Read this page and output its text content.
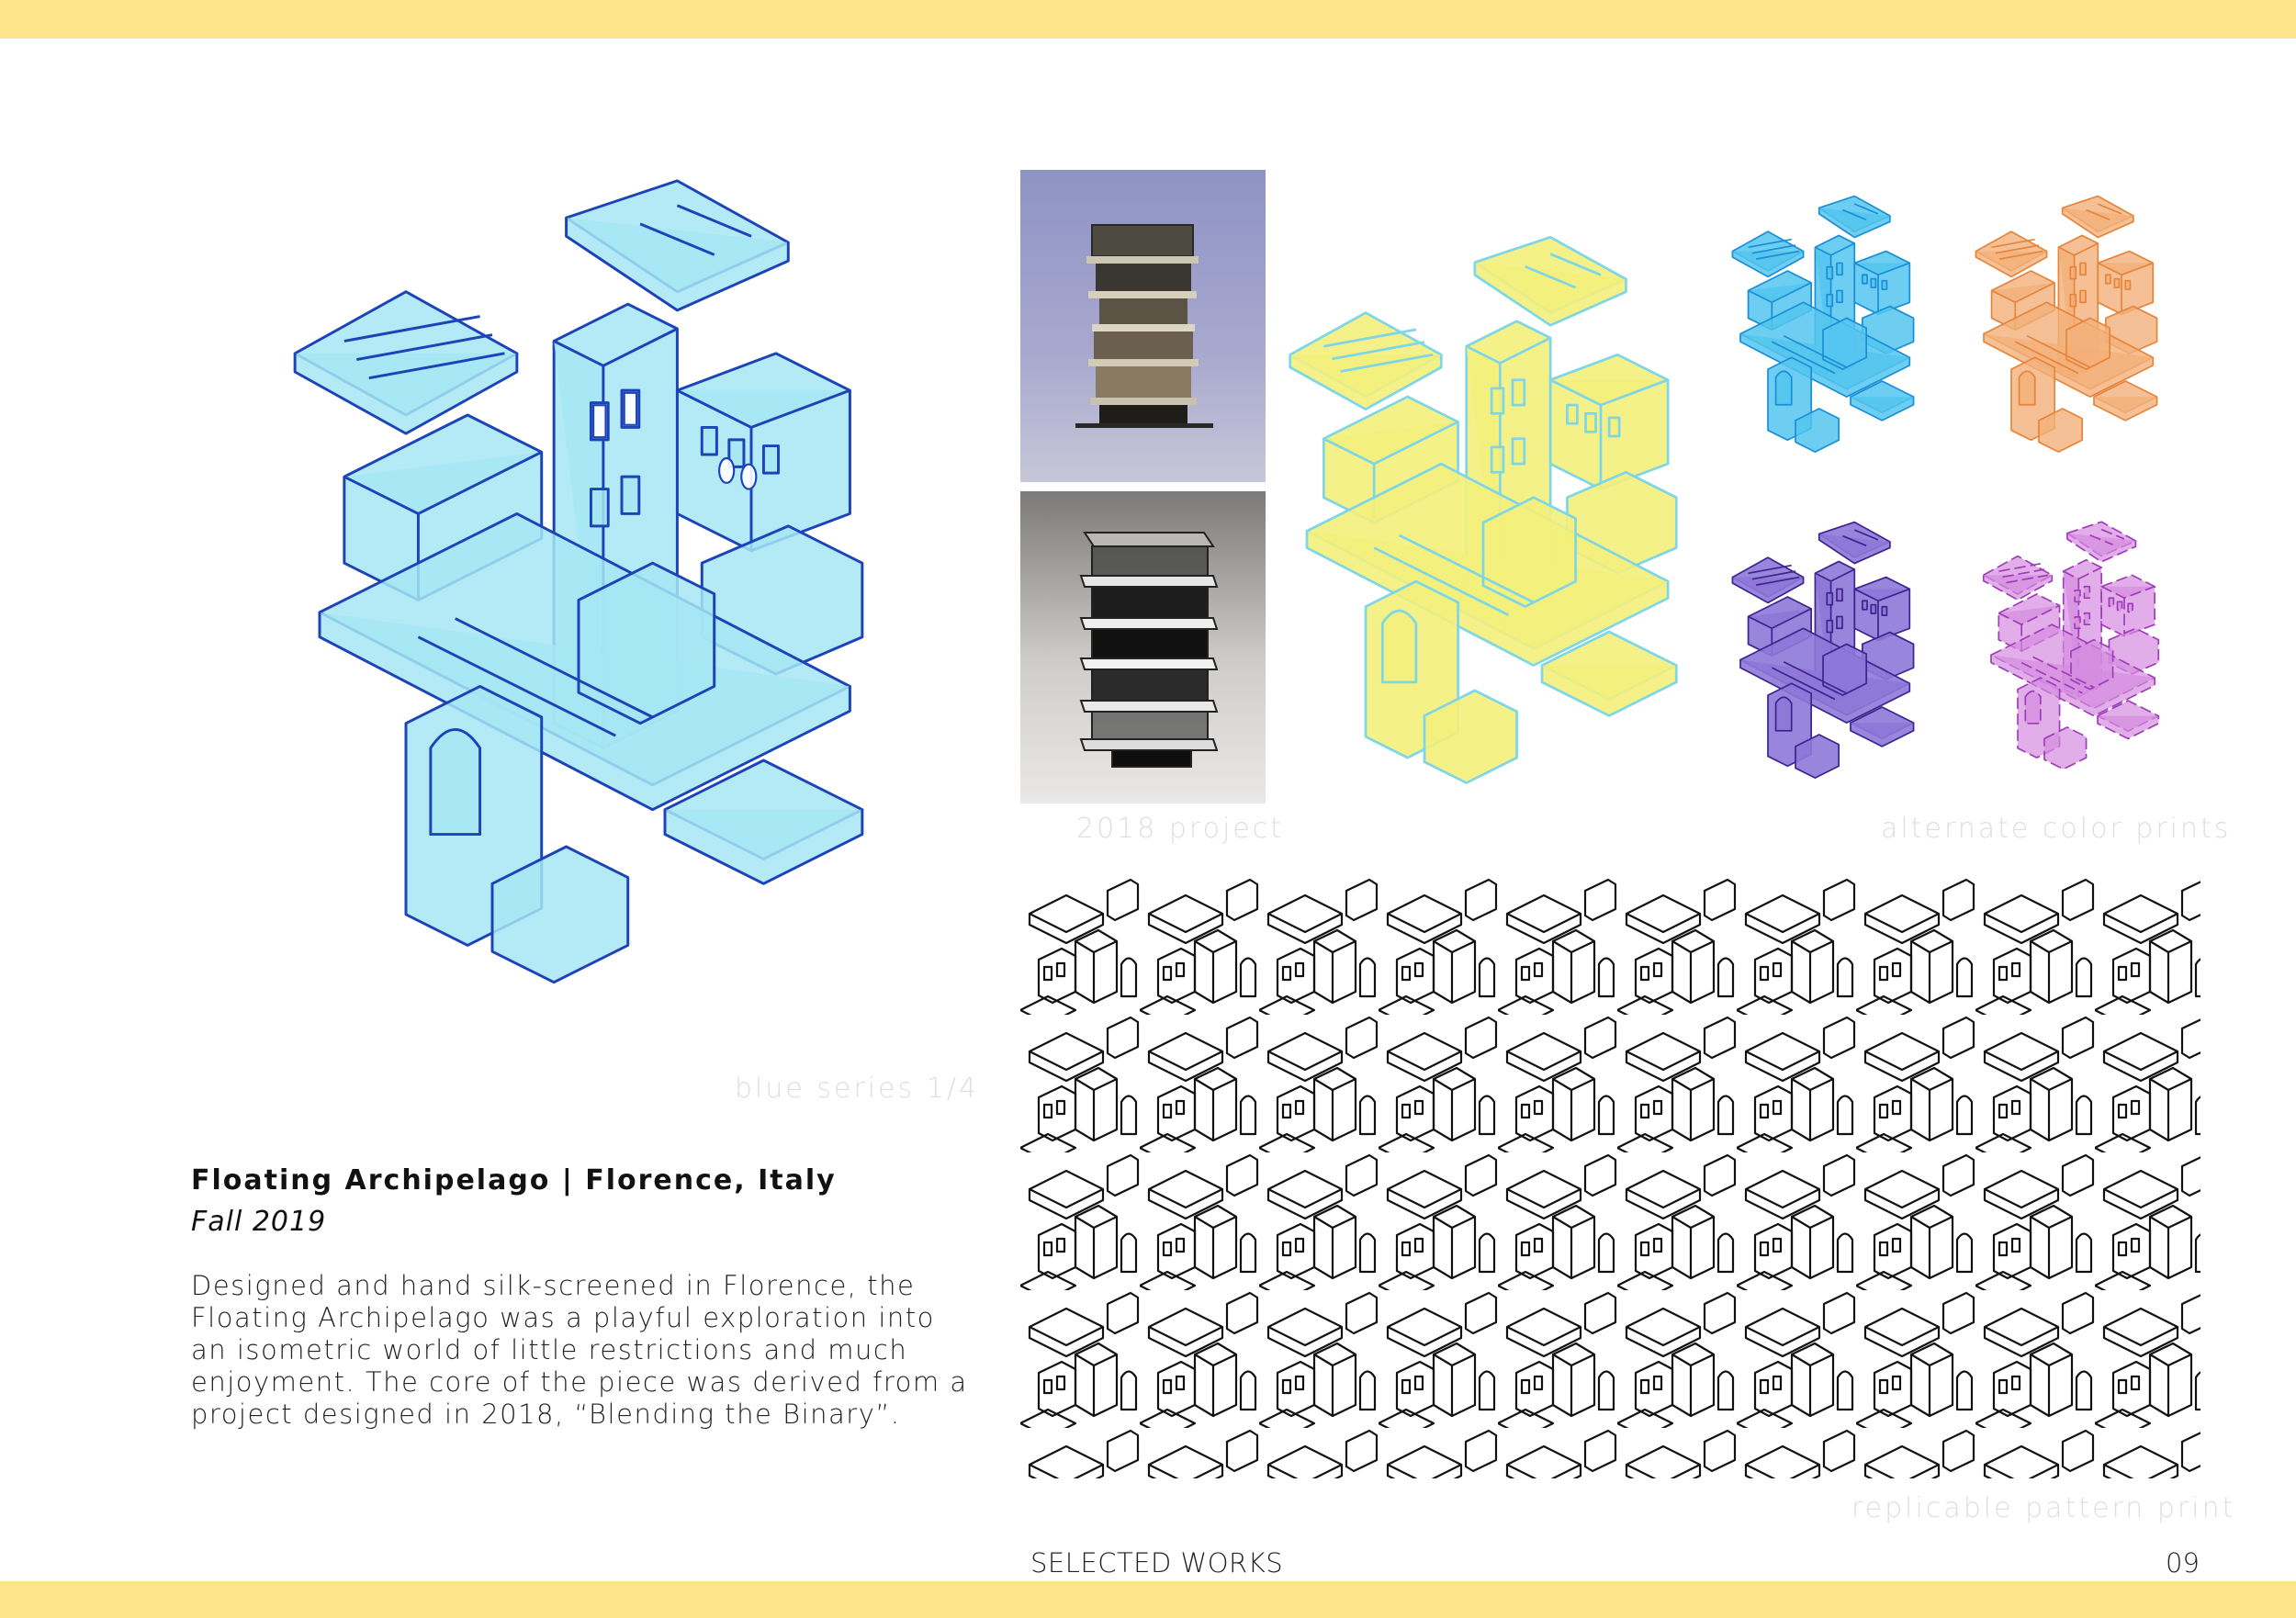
blue series 1/4
2018 project	alternate color prints
replicable pattern print
Floating Archipelago | Florence, Italy
Fall 2019

Designed and hand silk-screened in Florence, the Floating Archipelago was a playful exploration into an isometric world of little restrictions and much enjoyment. The core of the piece was derived from a project designed in 2018, “Blending the Binary”.

SELECTED WORKS	09
